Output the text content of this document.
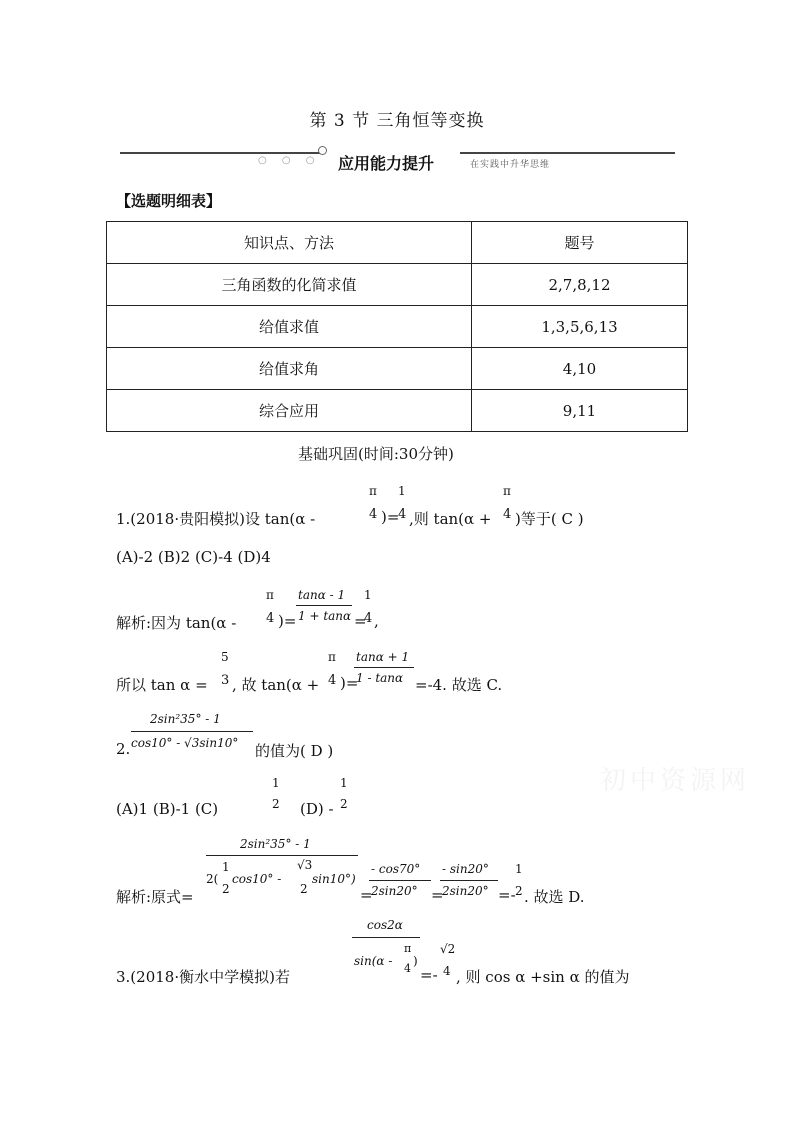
第 3 节 三角恒等变换
○ ○ ○ 应用能力提升	在实践中升华思维
【选题明细表】
知识点、方法	题号
三角函数的化简求值	2,7,8,12
给值求值	1,3,5,6,13
给值求角	4,10
综合应用	9,11
基础巩固(时间:30分钟)
1.(2018·贵阳模拟)设 tan(α -
π
4 )=
1
4 ,则 tan(α +
π
4 )等于( C )
(A)-2 (B)2 (C)-4 (D)4
解析:因为 tan(α -
π
4 )=
tanα - 1
1 + tanα =
1
4 ,
所以 tan α =
5
3 , 故 tan(α +
π
4 )=
tanα + 1
1 - tanα =-4. 故选 C.
2sin²35° - 1
2. cos10° - √3sin10° 的值为( D )
(A)1 (B)-1 (C)
1
2 (D) -
1
2
2sin²35° - 1
解析:原式=
2(
1
2
cos10° -
√3
2
sin10°)
=
- cos70°
2sin20° =
- sin20°
2sin20° =-
1
2 . 故选 D.
cos2α
3.(2018·衡水中学模拟)若
sin(α -
π
4
)
=-
√2
4 , 则 cos α +sin α 的值为
初中资源网
